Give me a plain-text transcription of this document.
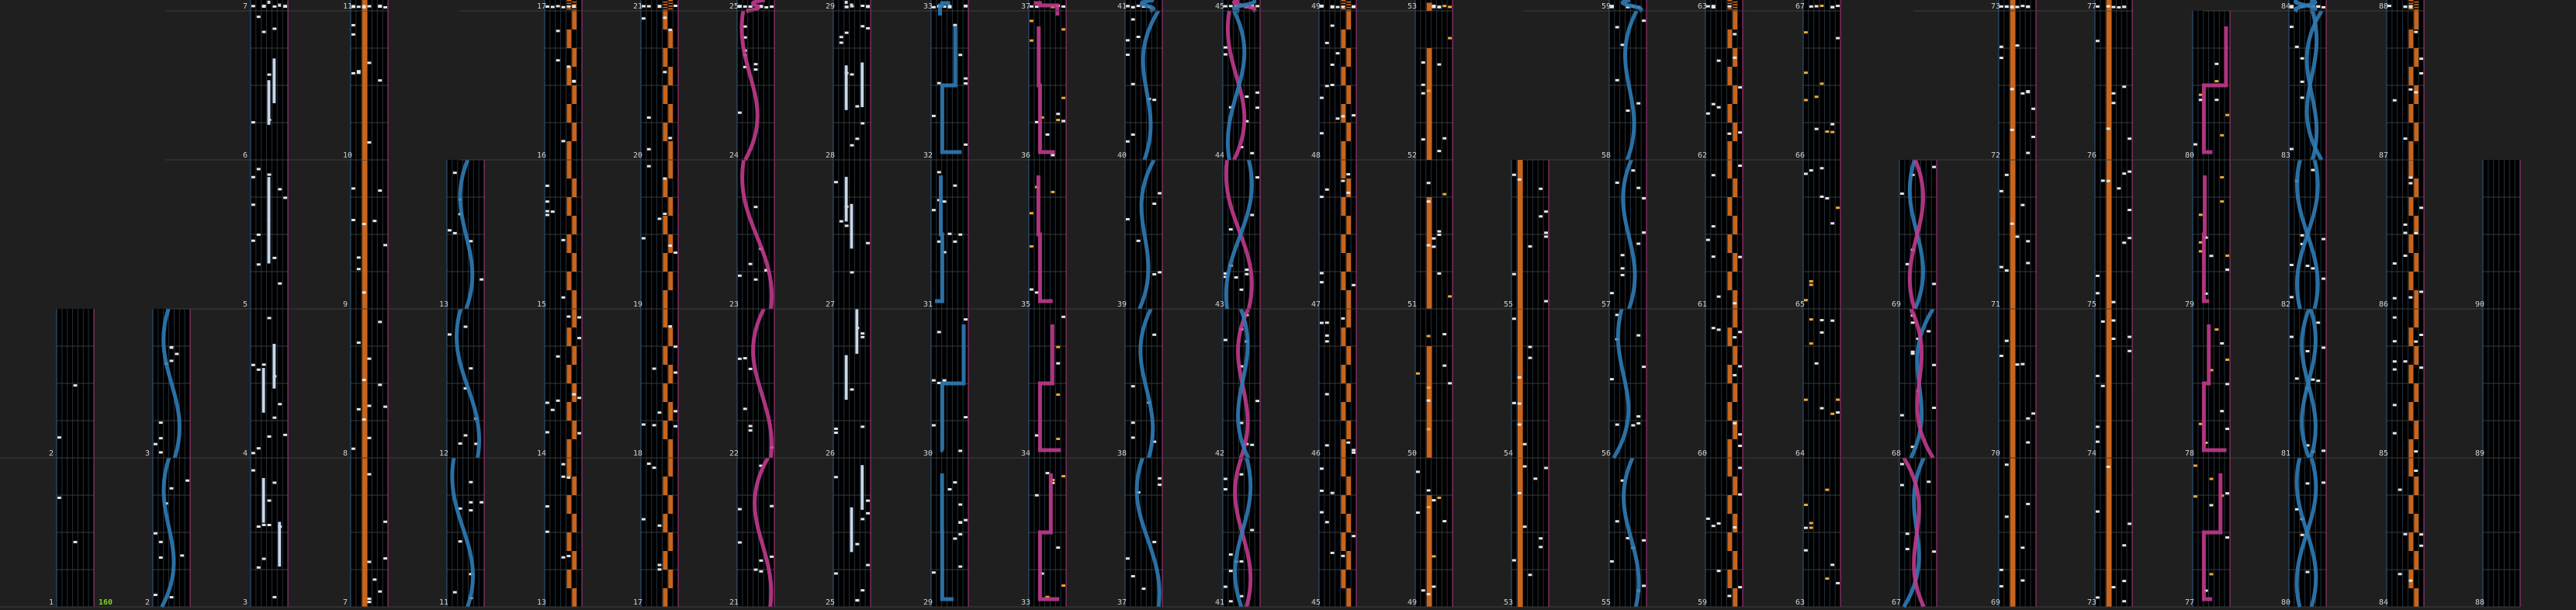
1
2
2
3
3
4
5
6
7
7
8
9
10
11
11
12
13
13
14
15
16
17
17
18
19
20
21
21
22
23
24
25
25
26
27
28
29
29
30
31
32
33
33
34
35
36
37
37
38
39
40
41
41
42
43
44
45
45
46
47
48
49
49
50
51
52
53
53
54
55
55
56
57
58
59
59
60
61
62
63
63
64
65
66
67
67
68
69
69
70
71
72
73
73
74
75
76
77
77
78
79
80
80
81
82
83
84
84
85
86
87
88
88
89
90
160
